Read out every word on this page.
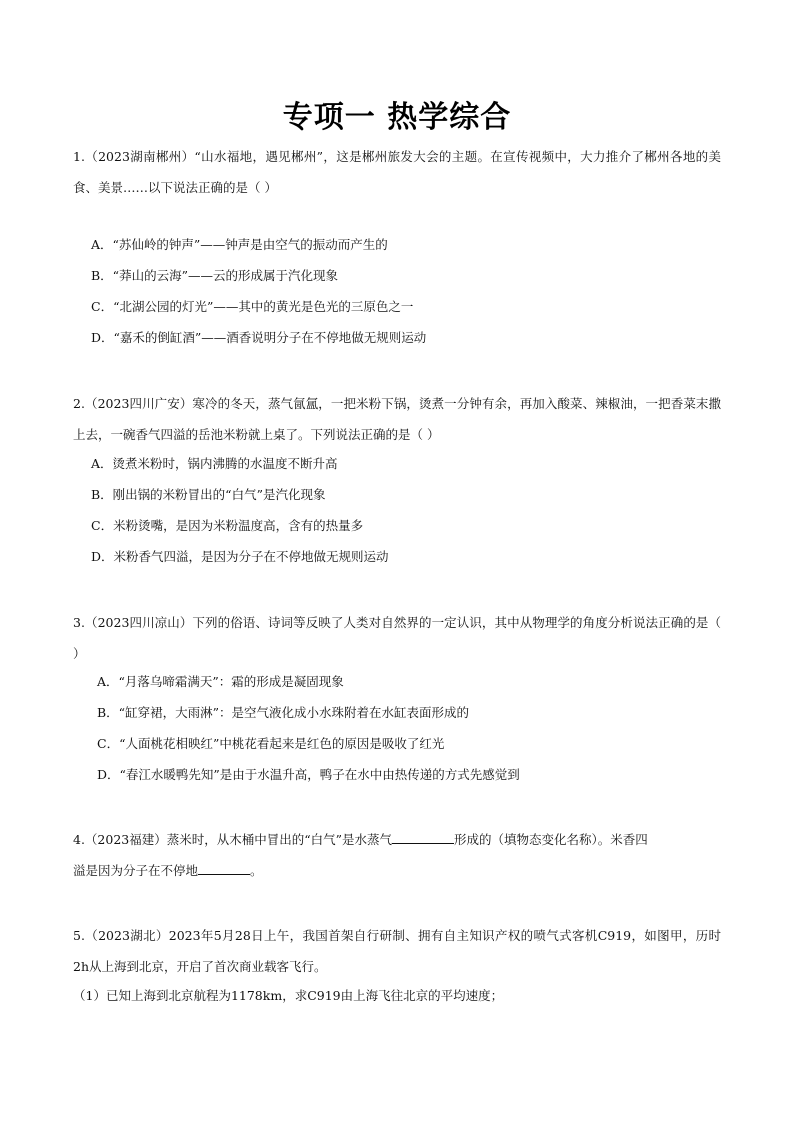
专项一 热学综合
1.（2023湖南郴州）“山水福地，遇见郴州”，这是郴州旅发大会的主题。在宣传视频中，大力推介了郴州各地的美食、美景……以下说法正确的是（ ）
A．“苏仙岭的钟声”——钟声是由空气的振动而产生的
B．“莽山的云海”——云的形成属于汽化现象
C．“北湖公园的灯光”——其中的黄光是色光的三原色之一
D．“嘉禾的倒缸酒”——酒香说明分子在不停地做无规则运动
2.（2023四川广安）寒冷的冬天，蒸气氤氲，一把米粉下锅，烫煮一分钟有余，再加入酸菜、辣椒油，一把香菜末撒上去，一碗香气四溢的岳池米粉就上桌了。下列说法正确的是（ ）
A．烫煮米粉时，锅内沸腾的水温度不断升高
B．刚出锅的米粉冒出的“白气”是汽化现象
C．米粉烫嘴，是因为米粉温度高，含有的热量多
D．米粉香气四溢，是因为分子在不停地做无规则运动
3.（2023四川凉山）下列的俗语、诗词等反映了人类对自然界的一定认识，其中从物理学的角度分析说法正确的是（ ）
A．“月落乌啼霜满天”：霜的形成是凝固现象
B．“缸穿裙，大雨淋”：是空气液化成小水珠附着在水缸表面形成的
C．“人面桃花相映红”中桃花看起来是红色的原因是吸收了红光
D．“春江水暖鸭先知”是由于水温升高，鸭子在水中由热传递的方式先感觉到
4.（2023福建）蒸米时，从木桶中冒出的“白气”是水蒸气	形成的（填物态变化名称）。米香四
溢是因为分子在不停地	。
5.（2023湖北）2023年5月28日上午，我国首架自行研制、拥有自主知识产权的喷气式客机C919，如图甲，历时2h从上海到北京，开启了首次商业载客飞行。
（1）已知上海到北京航程为1178km，求C919由上海飞往北京的平均速度；
